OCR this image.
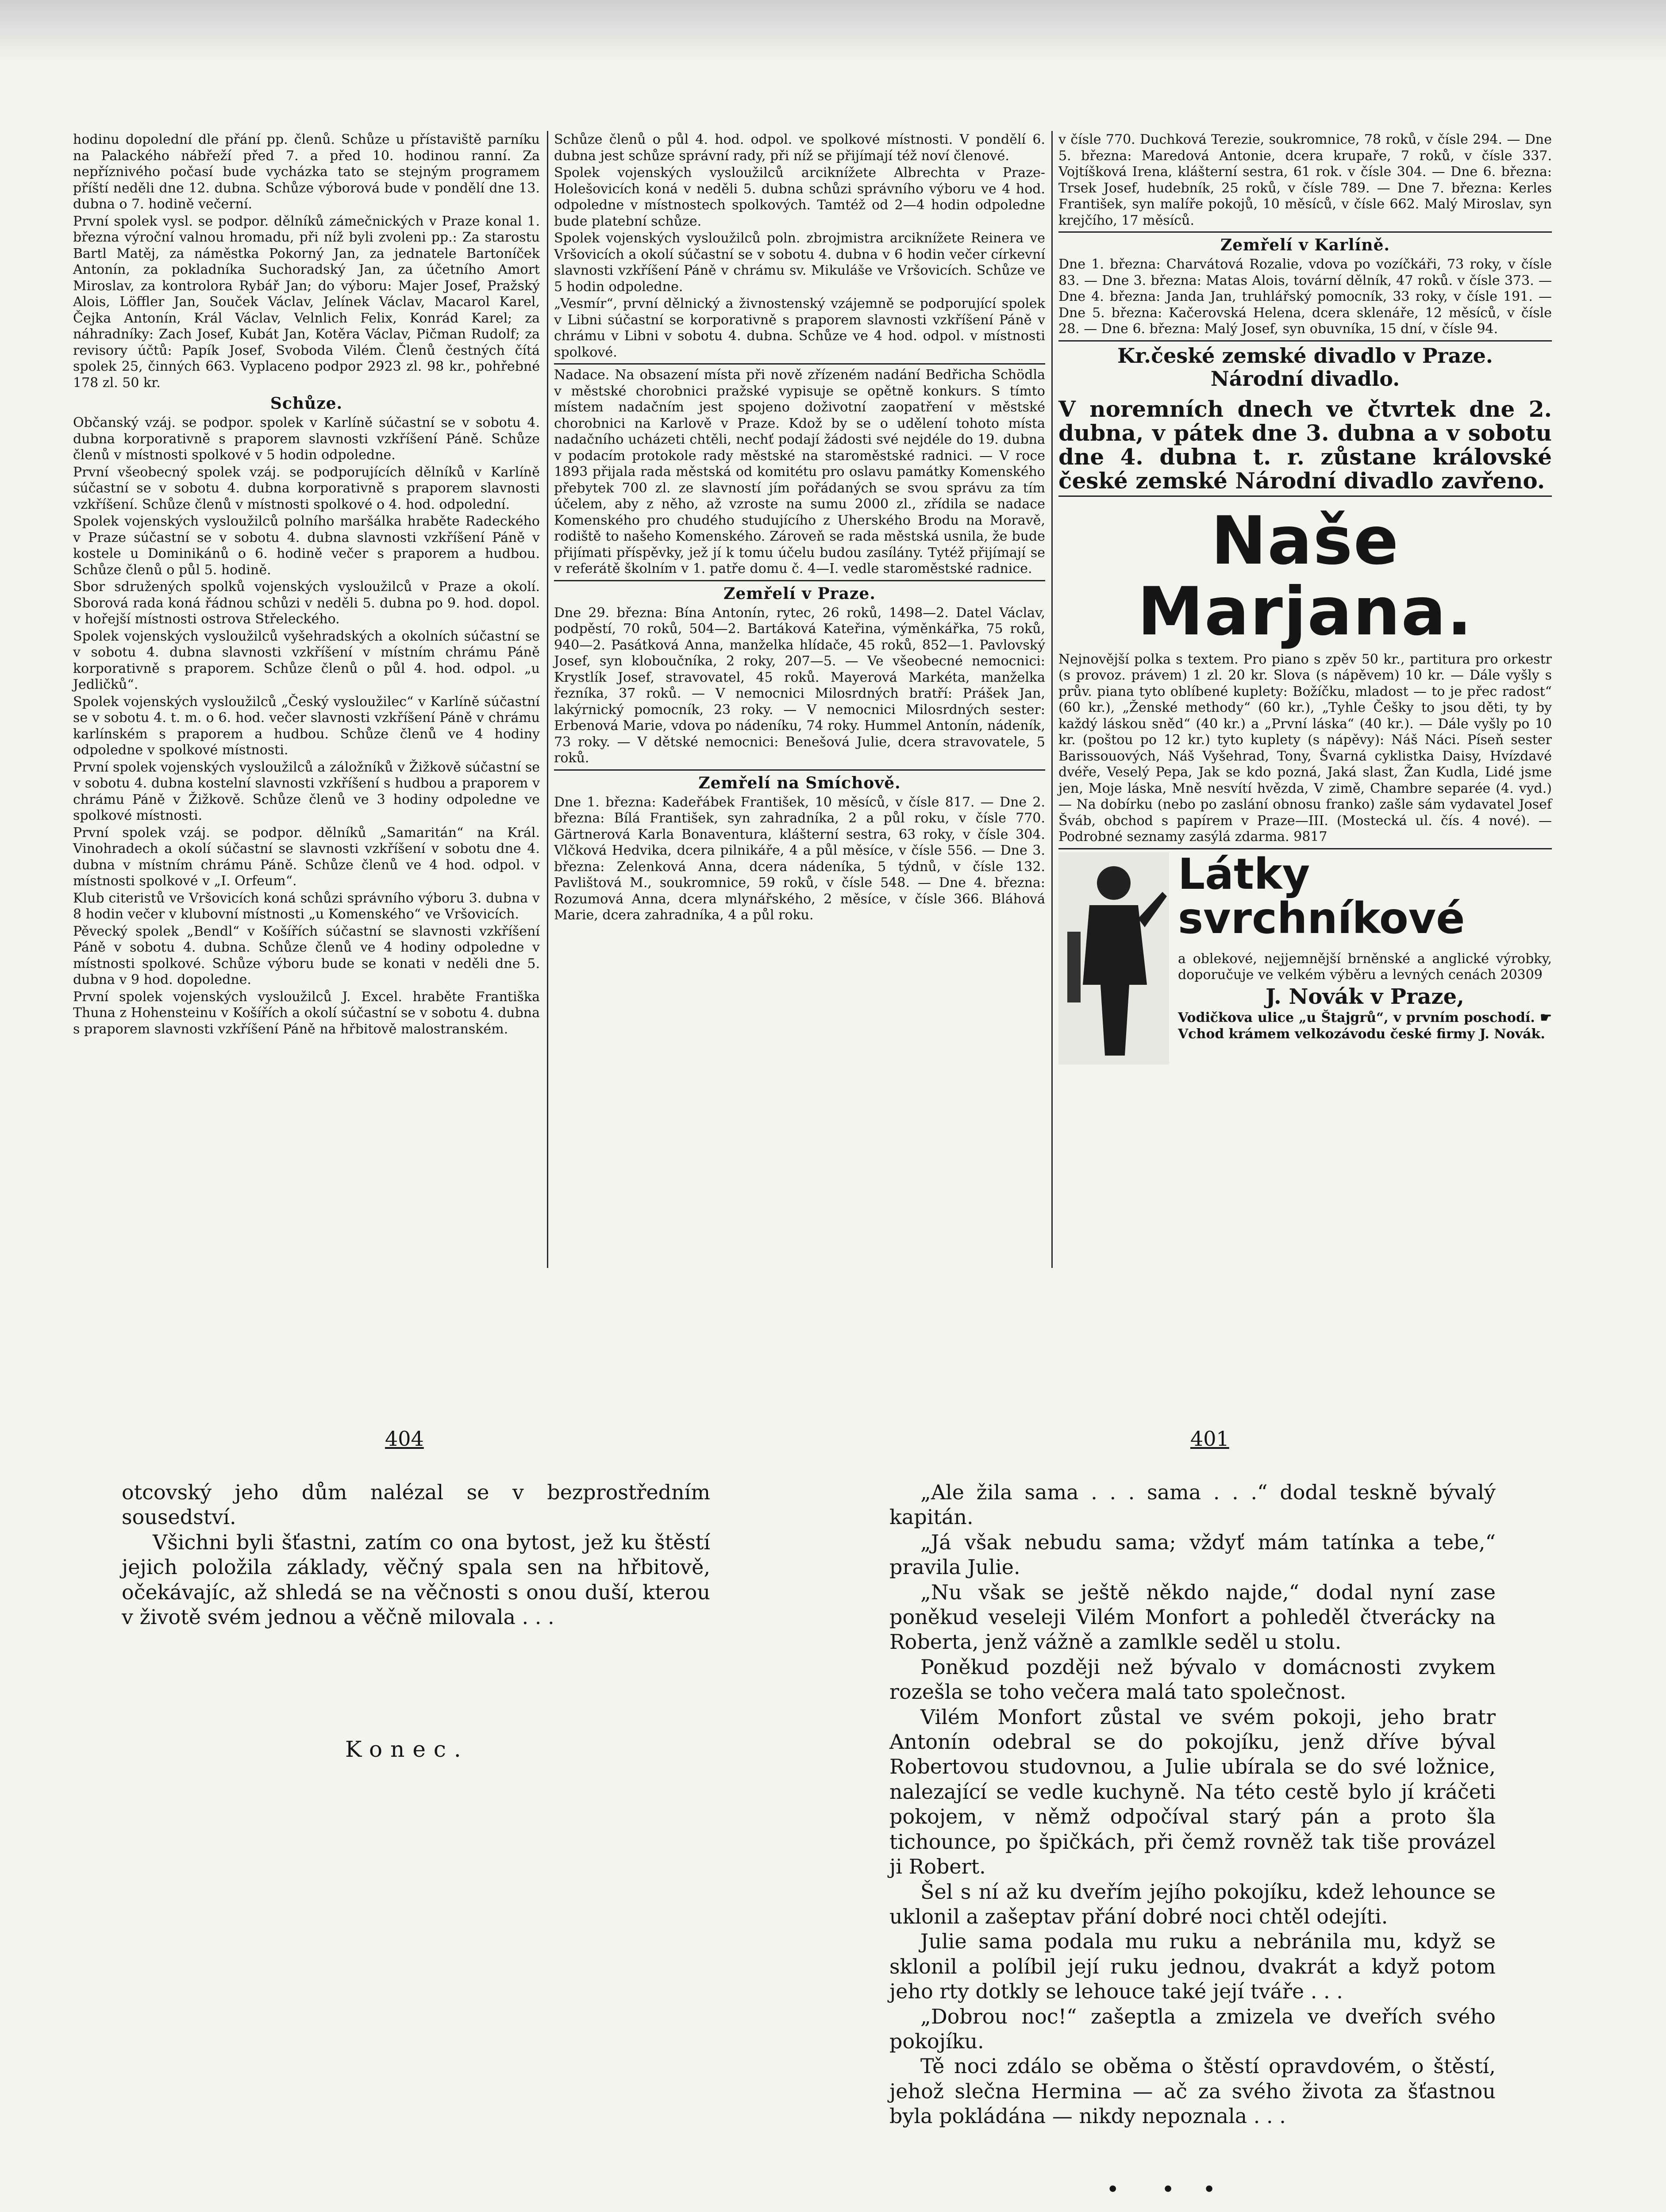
hodinu dopolední dle přání pp. členů. Schůze u přístaviště parníku na Palackého nábřeží před 7. a před 10. hodinou ranní. Za nepříznivého počasí bude vycházka tato se stejným programem příští neděli dne 12. dubna. Schůze výborová bude v pondělí dne 13. dubna o 7. hodině večerní.

První spolek vysl. se podpor. dělníků zámečnických v Praze konal 1. března výroční valnou hromadu, při níž byli zvoleni pp.: Za starostu Bartl Matěj, za náměstka Pokorný Jan, za jednatele Bartoníček Antonín, za pokladníka Suchoradský Jan, za účetního Amort Miroslav, za kontrolora Rybář Jan; do výboru: Majer Josef, Pražský Alois, Löffler Jan, Souček Václav, Jelínek Václav, Macarol Karel, Čejka Antonín, Král Václav, Velnlich Felix, Konrád Karel; za náhradníky: Zach Josef, Kubát Jan, Kotěra Václav, Pičman Rudolf; za revisory účtů: Papík Josef, Svoboda Vilém. Členů čestných čítá spolek 25, činných 663. Vyplaceno podpor 2923 zl. 98 kr., pohřebné 178 zl. 50 kr.

Schůze.

Občanský vzáj. se podpor. spolek v Karlíně súčastní se v sobotu 4. dubna korporativně s praporem slavnosti vzkříšení Páně. Schůze členů v místnosti spolkové v 5 hodin odpoledne.

První všeobecný spolek vzáj. se podporujících dělníků v Karlíně súčastní se v sobotu 4. dubna korporativně s praporem slavnosti vzkříšení. Schůze členů v místnosti spolkové o 4. hod. odpolední.

Spolek vojenských vysloužilců polního maršálka hraběte Radeckého v Praze súčastní se v sobotu 4. dubna slavnosti vzkříšení Páně v kostele u Dominikánů o 6. hodině večer s praporem a hudbou. Schůze členů o půl 5. hodině.

Sbor sdružených spolků vojenských vysloužilců v Praze a okolí. Sborová rada koná řádnou schůzi v neděli 5. dubna po 9. hod. dopol. v hořejší místnosti ostrova Střeleckého.

Spolek vojenských vysloužilců vyšehradských a okolních súčastní se v sobotu 4. dubna slavnosti vzkříšení v místním chrámu Páně korporativně s praporem. Schůze členů o půl 4. hod. odpol. „u Jedličků“.

Spolek vojenských vysloužilců „Český vysloužilec“ v Karlíně súčastní se v sobotu 4. t. m. o 6. hod. večer slavnosti vzkříšení Páně v chrámu karlínském s praporem a hudbou. Schůze členů ve 4 hodiny odpoledne v spolkové místnosti.

První spolek vojenských vysloužilců a záložníků v Žižkově súčastní se v sobotu 4. dubna kostelní slavnosti vzkříšení s hudbou a praporem v chrámu Páně v Žižkově. Schůze členů ve 3 hodiny odpoledne ve spolkové místnosti.

První spolek vzáj. se podpor. dělníků „Samaritán“ na Král. Vinohradech a okolí súčastní se slavnosti vzkříšení v sobotu dne 4. dubna v místním chrámu Páně. Schůze členů ve 4 hod. odpol. v místnosti spolkové v „I. Orfeum“.

Klub citeristů ve Vršovicích koná schůzi správního výboru 3. dubna v 8 hodin večer v klubovní místnosti „u Komenského“ ve Vršovicích.

Pěvecký spolek „Bendl“ v Košířích súčastní se slavnosti vzkříšení Páně v sobotu 4. dubna. Schůze členů ve 4 hodiny odpoledne v místnosti spolkové. Schůze výboru bude se konati v neděli dne 5. dubna v 9 hod. dopoledne.

První spolek vojenských vysloužilců J. Excel. hraběte Františka Thuna z Hohensteinu v Košířích a okolí súčastní se v sobotu 4. dubna s praporem slavnosti vzkříšení Páně na hřbitově malostranském.

Schůze členů o půl 4. hod. odpol. ve spolkové místnosti. V pondělí 6. dubna jest schůze správní rady, při níž se přijímají též noví členové.

Spolek vojenských vysloužilců arciknížete Albrechta v Praze-Holešovicích koná v neděli 5. dubna schůzi správního výboru ve 4 hod. odpoledne v místnostech spolkových. Tamtéž od 2—4 hodin odpoledne bude platební schůze.

Spolek vojenských vysloužilců poln. zbrojmistra arciknížete Reinera ve Vršovicích a okolí súčastní se v sobotu 4. dubna v 6 hodin večer církevní slavnosti vzkříšení Páně v chrámu sv. Mikuláše ve Vršovicích. Schůze ve 5 hodin odpoledne.

„Vesmír“, první dělnický a živnostenský vzájemně se podporující spolek v Libni súčastní se korporativně s praporem slavnosti vzkříšení Páně v chrámu v Libni v sobotu 4. dubna. Schůze ve 4 hod. odpol. v místnosti spolkové.

Nadace. Na obsazení místa při nově zřízeném nadání Bedřicha Schödla v městské chorobnici pražské vypisuje se opětně konkurs. S tímto místem nadačním jest spojeno doživotní zaopatření v městské chorobnici na Karlově v Praze. Kdož by se o udělení tohoto místa nadačního ucházeti chtěli, nechť podají žádosti své nejdéle do 19. dubna v podacím protokole rady městské na staroměstské radnici. — V roce 1893 přijala rada městská od komitétu pro oslavu památky Komenského přebytek 700 zl. ze slavností jím pořádaných se svou správu za tím účelem, aby z něho, až vzroste na sumu 2000 zl., zřídila se nadace Komenského pro chudého studujícího z Uherského Brodu na Moravě, rodiště to našeho Komenského. Zároveň se rada městská usnila, že bude přijímati příspěvky, jež jí k tomu účelu budou zasílány. Tytéž přijímají se v referátě školním v 1. patře domu č. 4—I. vedle staroměstské radnice.

Zemřelí v Praze.

Dne 29. března: Bína Antonín, rytec, 26 roků, 1498—2. Datel Václav, podpěstí, 70 roků, 504—2. Bartáková Kateřina, výměnkářka, 75 roků, 940—2. Pasátková Anna, manželka hlídače, 45 roků, 852—1. Pavlovský Josef, syn kloboučníka, 2 roky, 207—5. — Ve všeobecné nemocnici: Krystlík Josef, stravovatel, 45 roků. Mayerová Markéta, manželka řezníka, 37 roků. — V nemocnici Milosrdných bratří: Prášek Jan, lakýrnický pomocník, 23 roky. — V nemocnici Milosrdných sester: Erbenová Marie, vdova po nádeníku, 74 roky. Hummel Antonín, nádeník, 73 roky. — V dětské nemocnici: Benešová Julie, dcera stravovatele, 5 roků.

Zemřelí na Smíchově.

Dne 1. března: Kadeřábek František, 10 měsíců, v čísle 817. — Dne 2. března: Bílá František, syn zahradníka, 2 a půl roku, v čísle 770. Gärtnerová Karla Bonaventura, klášterní sestra, 63 roky, v čísle 304. Vlčková Hedvika, dcera pilnikáře, 4 a půl měsíce, v čísle 556. — Dne 3. března: Zelenková Anna, dcera nádeníka, 5 týdnů, v čísle 132. Pavlištová M., soukromnice, 59 roků, v čísle 548. — Dne 4. března: Rozumová Anna, dcera mlynářského, 2 měsíce, v čísle 366. Bláhová Marie, dcera zahradníka, 4 a půl roku.

v čísle 770. Duchková Terezie, soukromnice, 78 roků, v čísle 294. — Dne 5. března: Maredová Antonie, dcera krupaře, 7 roků, v čísle 337. Vojtíšková Irena, klášterní sestra, 61 rok. v čísle 304. — Dne 6. března: Trsek Josef, hudebník, 25 roků, v čísle 789. — Dne 7. března: Kerles František, syn malíře pokojů, 10 měsíců, v čísle 662. Malý Miroslav, syn krejčího, 17 měsíců.

Zemřelí v Karlíně.

Dne 1. března: Charvátová Rozalie, vdova po vozíčkáři, 73 roky, v čísle 83. — Dne 3. března: Matas Alois, tovární dělník, 47 roků. v čísle 373. — Dne 4. března: Janda Jan, truhlářský pomocník, 33 roky, v čísle 191. — Dne 5. března: Kačerovská Helena, dcera sklenáře, 12 měsíců, v čísle 28. — Dne 6. března: Malý Josef, syn obuvníka, 15 dní, v čísle 94.

Kr.české zemské divadlo v Praze.
Národní divadlo.
V noremních dnech ve čtvrtek dne 2. dubna, v pátek dne 3. dubna a v sobotu dne 4. dubna t. r. zůstane královské české zemské Národní divadlo zavřeno.
Naše Marjana.

Nejnovější polka s textem. Pro piano s zpěv 50 kr., partitura pro orkestr (s provoz. právem) 1 zl. 20 kr. Slova (s nápěvem) 10 kr. — Dále vyšly s prův. piana tyto oblíbené kuplety: Božíčku, mladost — to je přec radost“ (60 kr.), „Ženské methody“ (60 kr.), „Tyhle Češky to jsou děti, ty by každý láskou sněd“ (40 kr.) a „První láska“ (40 kr.). — Dále vyšly po 10 kr. (poštou po 12 kr.) tyto kuplety (s nápěvy): Náš Náci. Píseň sester Barissouových, Náš Vyšehrad, Tony, Švarná cyklistka Daisy, Hvízdavé dvéře, Veselý Pepa, Jak se kdo pozná, Jaká slast, Žan Kudla, Lidé jsme jen, Moje láska, Mně nesvítí hvězda, V zimě, Chambre separée (4. vyd.) — Na dobírku (nebo po zaslání obnosu franko) zašle sám vydavatel Josef Šváb, obchod s papírem v Praze—III. (Mostecká ul. čís. 4 nové). — Podrobné seznamy zasýlá zdarma. 9817

Látky svrchníkové

a oblekové, nejjemnější brněnské a anglické výrobky, doporučuje ve velkém výběru a levných cenách 20309

J. Novák v Praze,

Vodičkova ulice „u Štajgrů“, v prvním poschodí. ☛ Vchod krámem velkozávodu české firmy J. Novák.

404

otcovský jeho dům nalézal se v bezprostředním sousedství.

Všichni byli šťastni, zatím co ona bytost, jež ku štěstí jejich položila základy, věčný spala sen na hřbitově, očekávajíc, až shledá se na věčnosti s onou duší, kterou v životě svém jednou a věčně milovala . . .

Konec.
401

„Ale žila sama . . . sama . . .“ dodal teskně bývalý kapitán.

„Já však nebudu sama; vždyť mám tatínka a tebe,“ pravila Julie.

„Nu však se ještě někdo najde,“ dodal nyní zase poněkud veseleji Vilém Monfort a pohleděl čtverácky na Roberta, jenž vážně a zamlkle seděl u stolu.

Poněkud později než bývalo v domácnosti zvykem rozešla se toho večera malá tato společnost.

Vilém Monfort zůstal ve svém pokoji, jeho bratr Antonín odebral se do pokojíku, jenž dříve býval Robertovou studovnou, a Julie ubírala se do své ložnice, nalezající se vedle kuchyně. Na této cestě bylo jí kráčeti pokojem, v němž odpočíval starý pán a proto šla tichounce, po špičkách, při čemž rovněž tak tiše provázel ji Robert.

Šel s ní až ku dveřím jejího pokojíku, kdež lehounce se uklonil a zašeptav přání dobré noci chtěl odejíti.

Julie sama podala mu ruku a nebránila mu, když se sklonil a políbil její ruku jednou, dvakrát a když potom jeho rty dotkly se lehouce také její tváře . . .

„Dobrou noc!“ zašeptla a zmizela ve dveřích svého pokojíku.

Tě noci zdálo se oběma o štěstí opravdovém, o štěstí, jehož slečna Hermina — ač za svého života za šťastnou byla pokládána — nikdy nepoznala . . .

•      •    •
